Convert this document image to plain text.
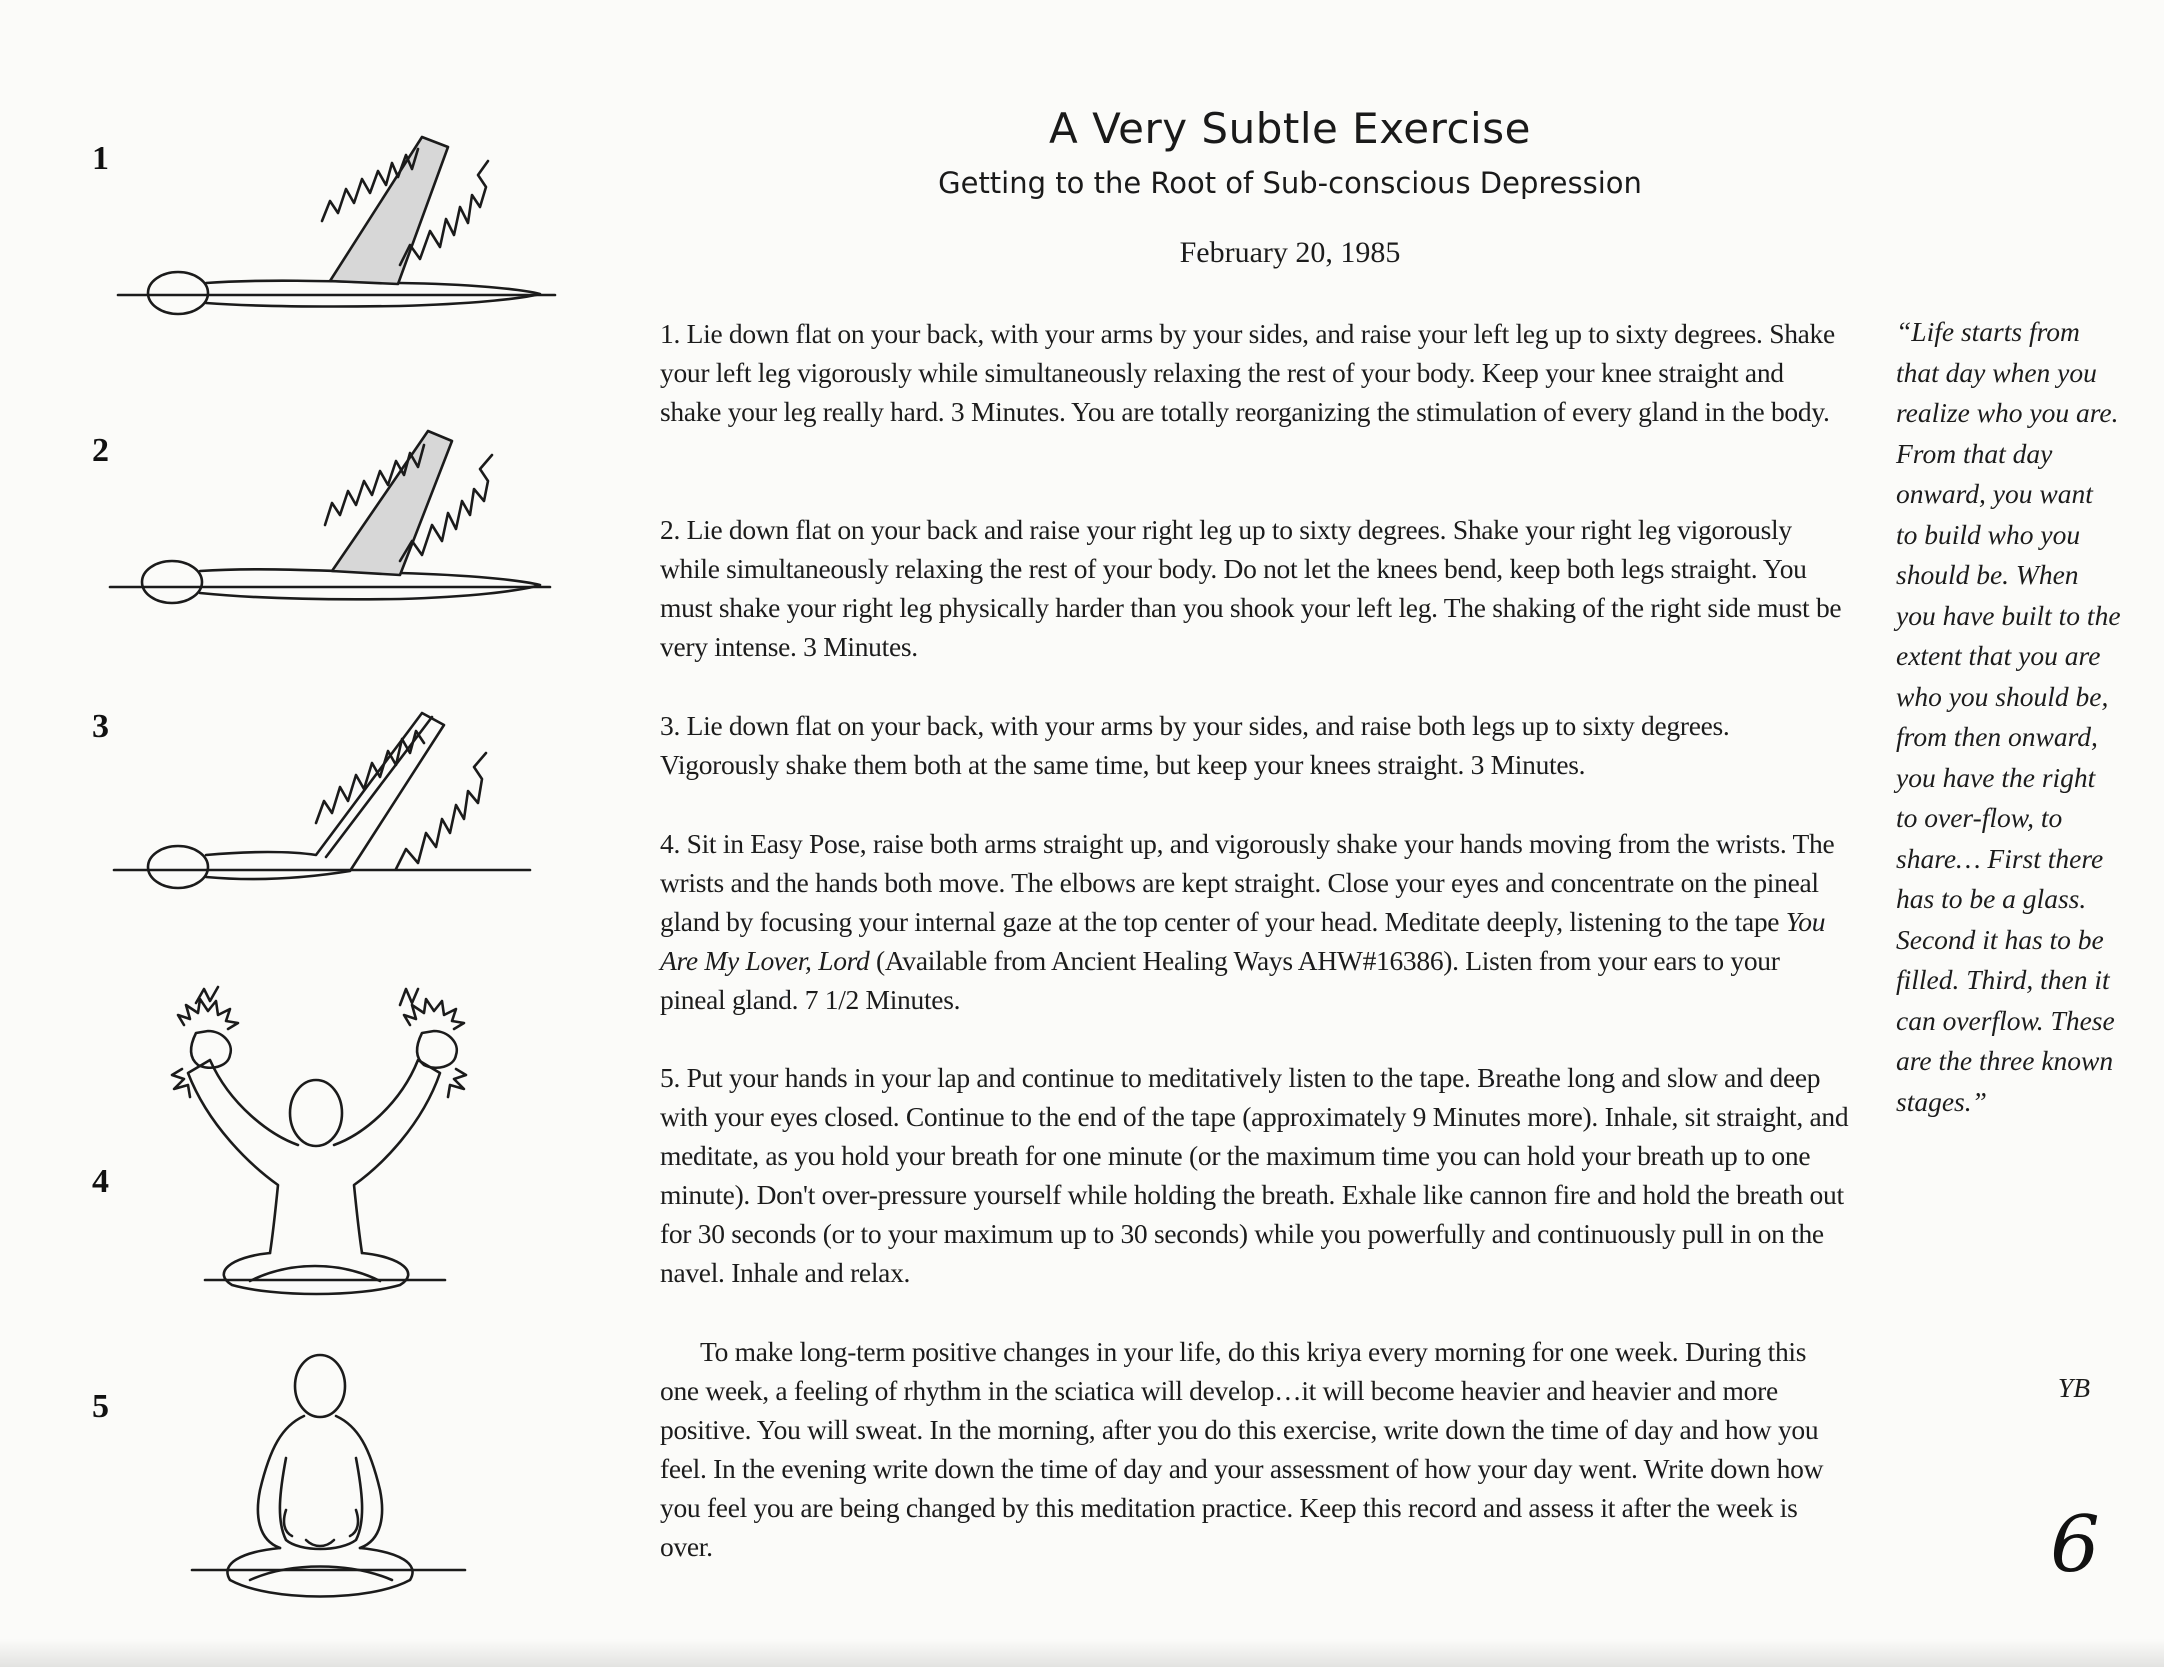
1
2
3
4
5
A Very Subtle Exercise
Getting to the Root of Sub-conscious Depression
February 20, 1985
1. Lie down flat on your back, with your arms by your sides, and raise your left leg up to sixty degrees. Shake your left leg vigorously while simultaneously relaxing the rest of your body. Keep your knee straight and shake your leg really hard. 3 Minutes. You are totally reorganizing the stimulation of every gland in the body.
2. Lie down flat on your back and raise your right leg up to sixty degrees. Shake your right leg vigorously while simultaneously relaxing the rest of your body. Do not let the knees bend, keep both legs straight. You must shake your right leg physically harder than you shook your left leg. The shaking of the right side must be very intense. 3 Minutes.
3. Lie down flat on your back, with your arms by your sides, and raise both legs up to sixty degrees. Vigorously shake them both at the same time, but keep your knees straight. 3 Minutes.
4. Sit in Easy Pose, raise both arms straight up, and vigorously shake your hands moving from the wrists. The wrists and the hands both move. The elbows are kept straight. Close your eyes and concentrate on the pineal gland by focusing your internal gaze at the top center of your head. Meditate deeply, listening to the tape You Are My Lover, Lord (Available from Ancient Healing Ways AHW#16386). Listen from your ears to your pineal gland. 7 1/2 Minutes.
5. Put your hands in your lap and continue to meditatively listen to the tape. Breathe long and slow and deep with your eyes closed. Continue to the end of the tape (approximately 9 Minutes more). Inhale, sit straight, and meditate, as you hold your breath for one minute (or the maximum time you can hold your breath up to one minute). Don't over-pressure yourself while holding the breath. Exhale like cannon fire and hold the breath out for 30 seconds (or to your maximum up to 30 seconds) while you powerfully and continuously pull in on the navel. Inhale and relax.
To make long-term positive changes in your life, do this kriya every morning for one week. During this one week, a feeling of rhythm in the sciatica will develop…it will become heavier and heavier and more positive. You will sweat. In the morning, after you do this exercise, write down the time of day and how you feel. In the evening write down the time of day and your assessment of how your day went. Write down how you feel you are being changed by this meditation practice. Keep this record and assess it after the week is over.
“Life starts from that day when you realize who you are. From that day onward, you want to build who you should be. When you have built to the extent that you are who you should be, from then onward, you have the right to over-flow, to share… First there has to be a glass. Second it has to be filled. Third, then it can overflow. These are the three known stages.”
YB
6
